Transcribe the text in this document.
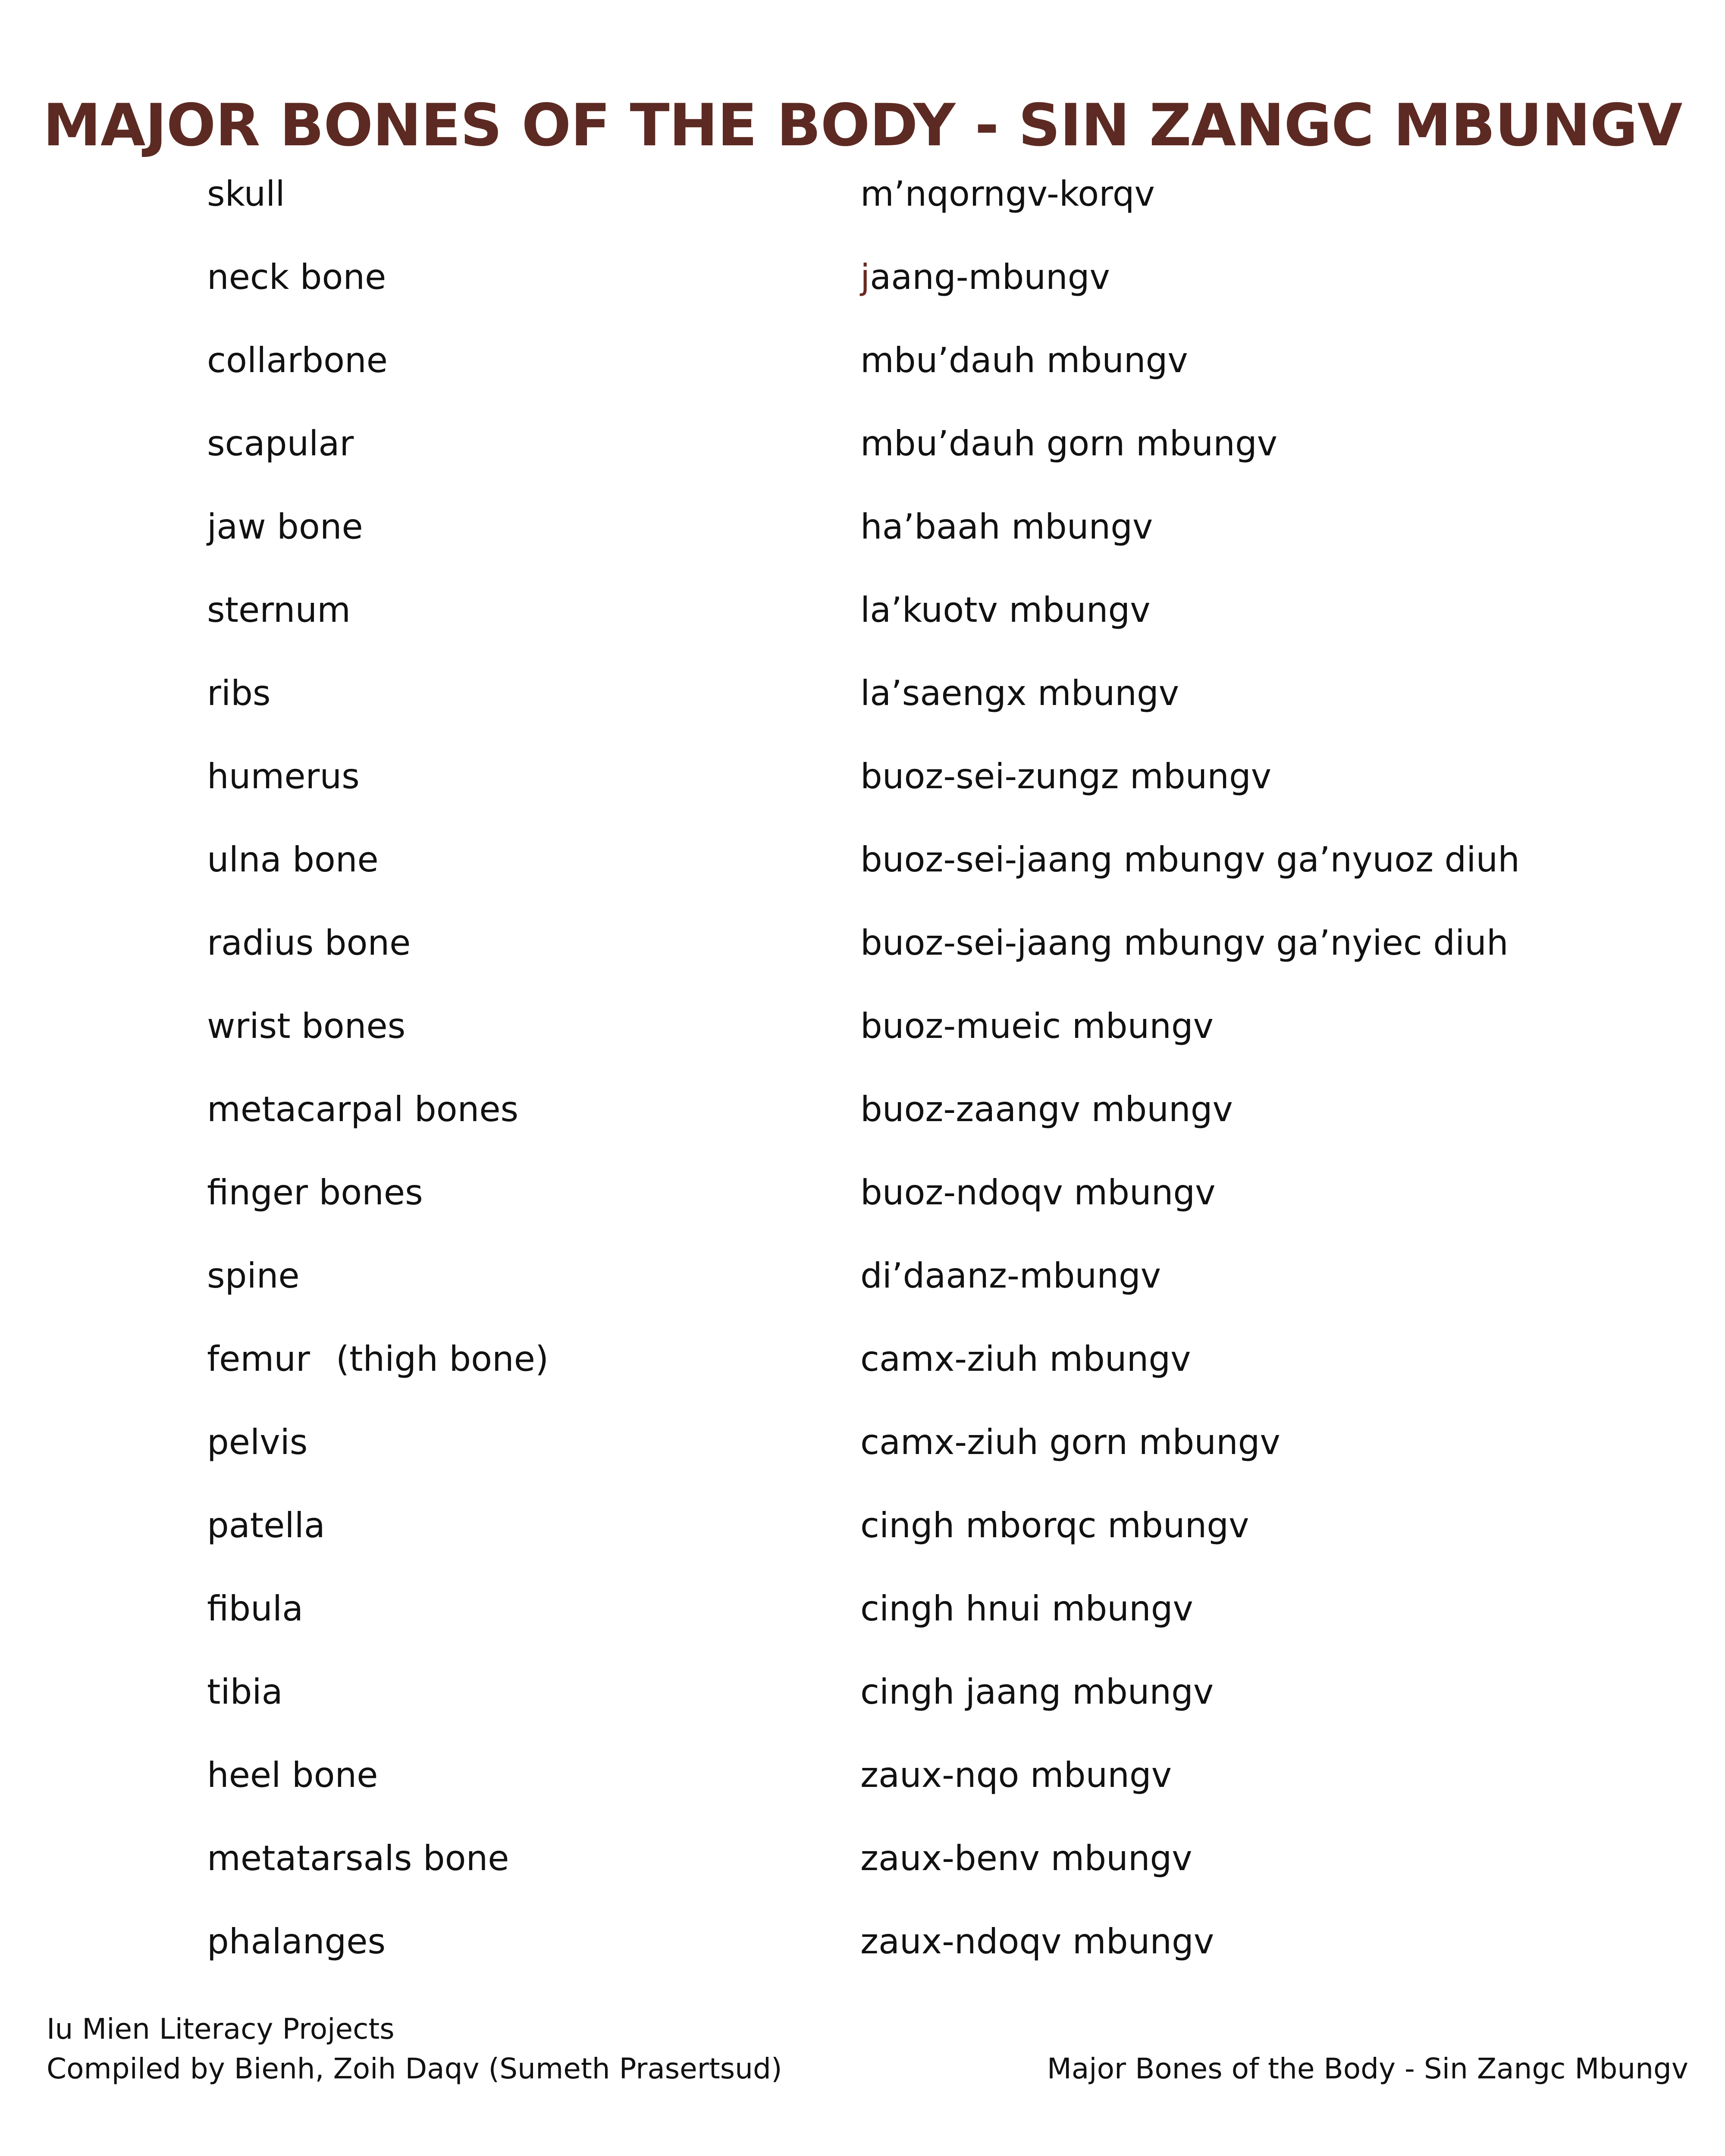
MAJOR BONES OF THE BODY - SIN ZANGC MBUNGV
skull	m’nqorngv-korqv
neck bone	jaang-mbungv
collarbone	mbu’dauh mbungv
scapular	mbu’dauh gorn mbungv
jaw bone	ha’baah mbungv
sternum	la’kuotv mbungv
ribs	la’saengx mbungv
humerus	buoz-sei-zungz mbungv
ulna bone	buoz-sei-jaang mbungv ga’nyuoz diuh
radius bone	buoz-sei-jaang mbungv ga’nyiec diuh
wrist bones	buoz-mueic mbungv
metacarpal bones	buoz-zaangv mbungv
finger bones	buoz-ndoqv mbungv
spine	di’daanz-mbungv
femur (thigh bone)	camx-ziuh mbungv
pelvis	camx-ziuh gorn mbungv
patella	cingh mborqc mbungv
fibula	cingh hnui mbungv
tibia	cingh jaang mbungv
heel bone	zaux-nqo mbungv
metatarsals bone	zaux-benv mbungv
phalanges	zaux-ndoqv mbungv
Iu Mien Literacy Projects
Compiled by Bienh, Zoih Daqv (Sumeth Prasertsud)	Major Bones of the Body - Sin Zangc Mbungv
